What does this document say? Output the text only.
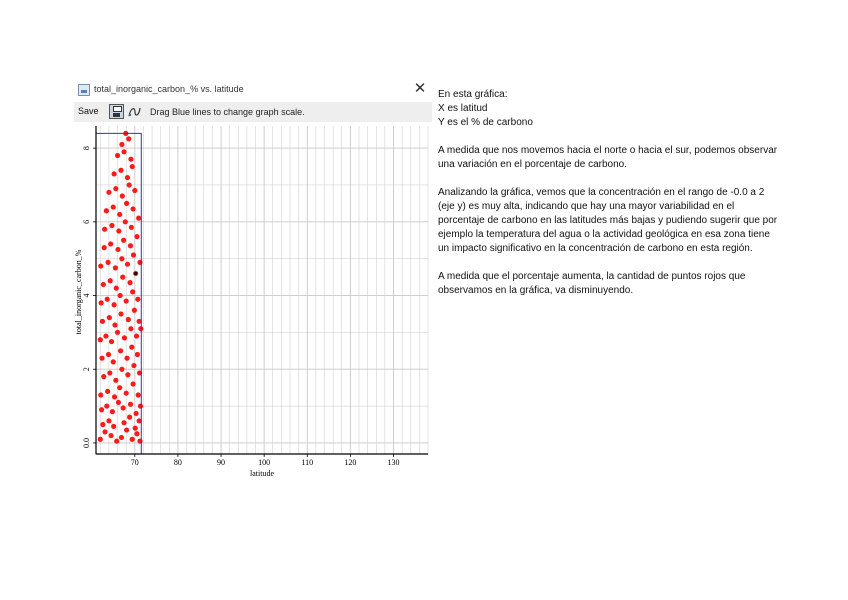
total_inorganic_carbon_% vs. latitude	✕
Save	Drag Blue lines to change graph scale.
70	80	90	100	110	120	130
0.0
2
4
6
8
latitude
total_inorganic_carbon_%

En esta gráfica:

X es latitud

Y es el % de carbono

A medida que nos movemos hacia el norte o hacia el sur, podemos observar una variación en el porcentaje de carbono.

Analizando la gráfica, vemos que la concentración en el rango de -0.0 a 2 (eje y) es muy alta, indicando que hay una mayor variabilidad en el porcentaje de carbono en las latitudes más bajas y pudiendo sugerir que por ejemplo la temperatura del agua o la actividad geológica en esa zona tiene un impacto significativo en la concentración de carbono en esta región.

A medida que el porcentaje aumenta, la cantidad de puntos rojos que observamos en la gráfica, va disminuyendo.
